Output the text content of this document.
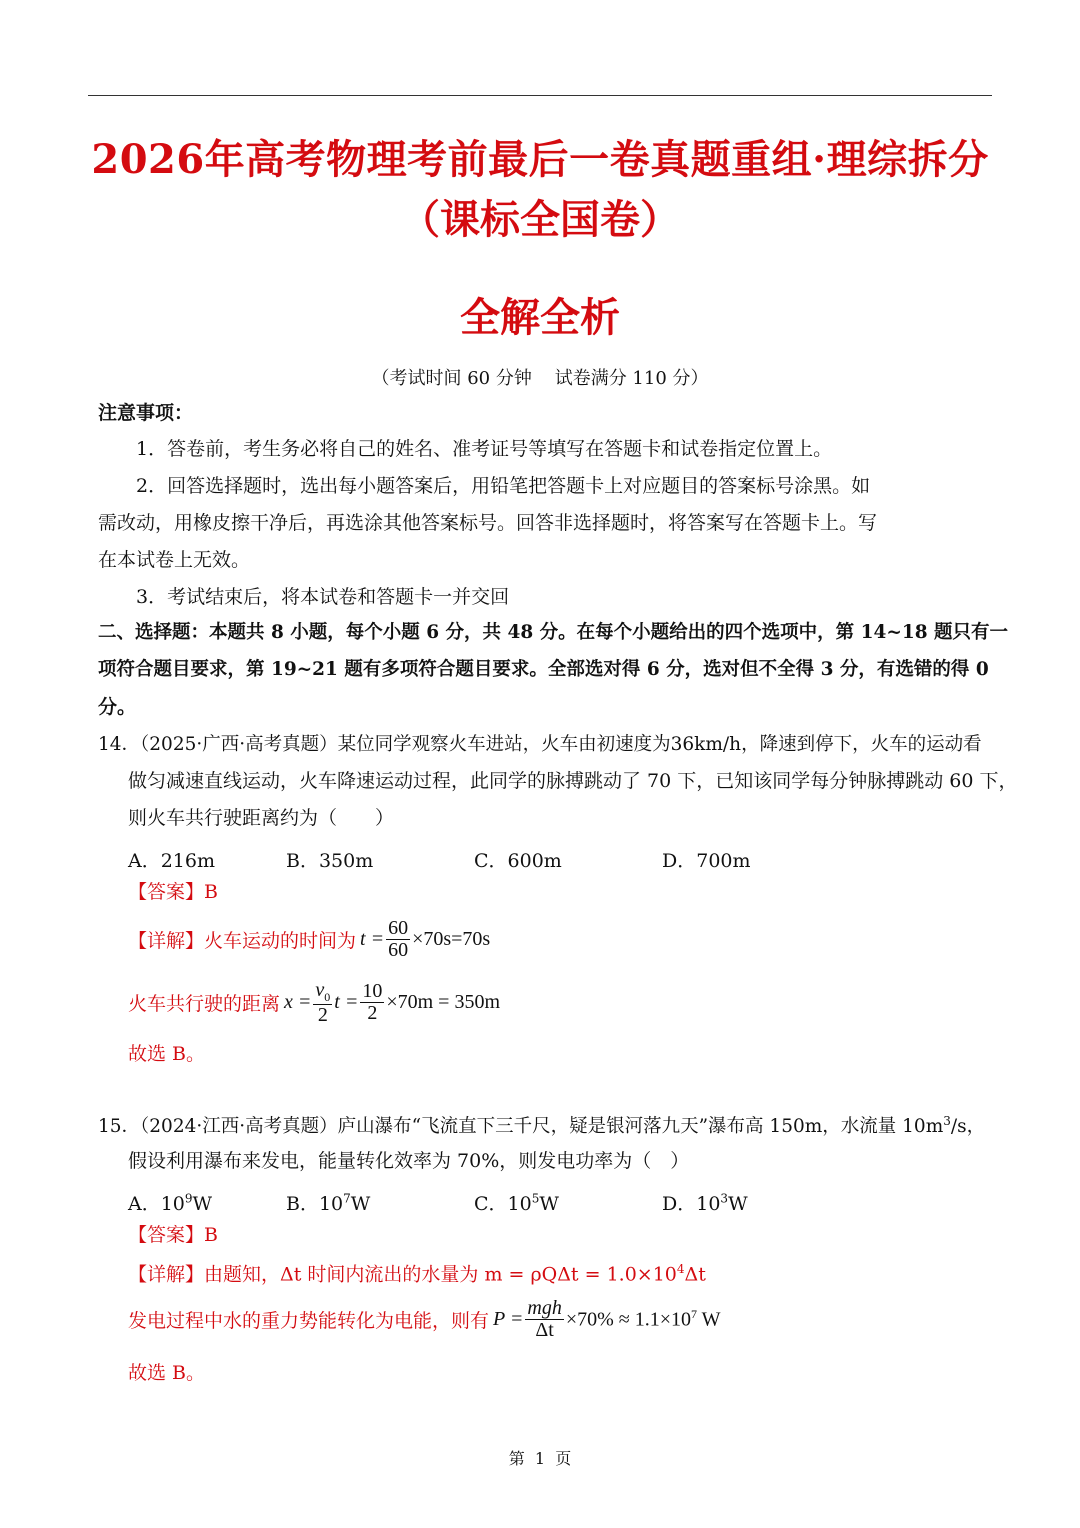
2026年高考物理考前最后一卷真题重组·理综拆分
（课标全国卷）
全解全析
（考试时间 60 分钟    试卷满分 110 分）
注意事项：
1．答卷前，考生务必将自己的姓名、准考证号等填写在答题卡和试卷指定位置上。
2．回答选择题时，选出每小题答案后，用铅笔把答题卡上对应题目的答案标号涂黑。如
需改动，用橡皮擦干净后，再选涂其他答案标号。回答非选择题时，将答案写在答题卡上。写
在本试卷上无效。
3．考试结束后，将本试卷和答题卡一并交回
二、选择题：本题共 8 小题，每个小题 6 分，共 48 分。在每个小题给出的四个选项中，第 14~18 题只有一
项符合题目要求，第 19~21 题有多项符合题目要求。全部选对得 6 分，选对但不全得 3 分，有选错的得 0
分。
14．（2025·广西·高考真题）某位同学观察火车进站，火车由初速度为36km/h，降速到停下，火车的运动看
做匀减速直线运动，火车降速运动过程，此同学的脉搏跳动了 70 下，已知该同学每分钟脉搏跳动 60 下，
则火车共行驶距离约为（　　）
A．216m	B．350m	C．600m	D．700m
【答案】B
【详解】 火车运动的时间为 $t = \frac{60}{60} \times 70s=70s$
火车共行驶的距离 $x = \frac{v_0}{2}$ $t = \frac{10}{2} \times 70m = 350m$
故选 B。
15．（2024·江西·高考真题）庐山瀑布“飞流直下三千尺，疑是银河落九天”瀑布高 150m，水流量 $10m^3/s$，
假设利用瀑布来发电，能量转化效率为 70%，则发电功率为（　）
A．$10^9W$	B．$10^7W$	C．$10^5W$	D．$10^3W$
【答案】B
【详解】由题知，Δt 时间内流出的水量为 $m = \rho Q\Delta t = 1.0\times 10^4\Delta t$
发电过程中水的重力势能转化为电能，则有 $P = \frac{\text{mgh}}{\Delta t} \times 70\% \approx 1.1\times 10^7$ W
故选 B。
第  1  页
